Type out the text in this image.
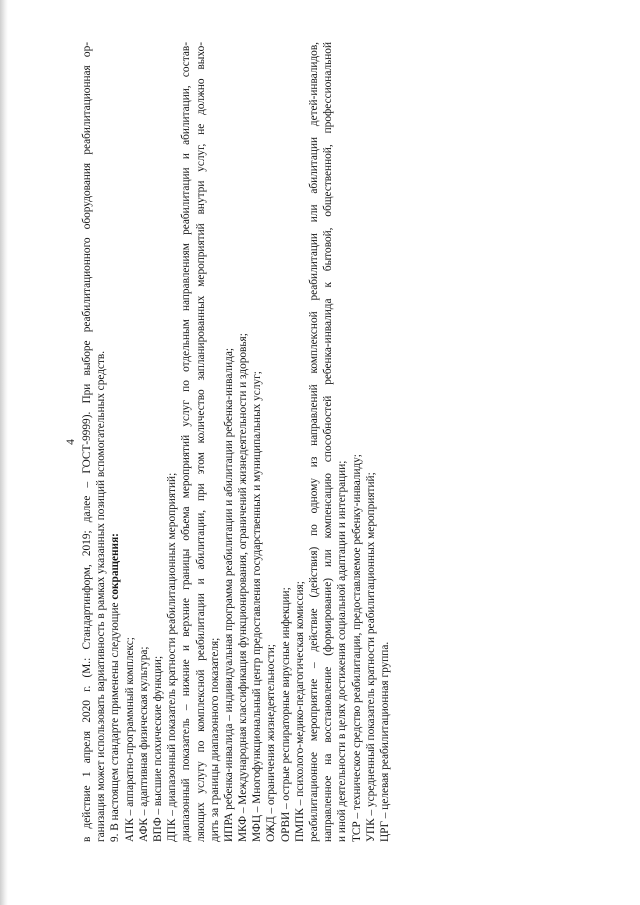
4 в действие 1 апреля 2020 г. (М.: Стандартинформ, 2019; далее – ГОСТ-9999). При выборе реабилитационного оборудования реабилитационная ор- ганизация может использовать вариативность в рамках указанных позиций вспомогательных средств. 9. В настоящем стандарте применены следующие сокращения:
АПК – аппаратно-программный комплекс; АФК – адаптивная физическая культура; ВПФ – высшие психические функции; ДПК – диапазонный показатель кратности реабилитационных мероприятий; диапазонный показатель – нижние и верхние границы объема мероприятий услуг по отдельным направлениям реабилитации и абилитации, состав- ляющих услугу по комплексной реабилитации и абилитации, при этом количество запланированных мероприятий внутри услуг, не должно выхо- дить за границы диапазонного показателя; ИПРА ребенка-инвалида – индивидуальная программа реабилитации и абилитации ребенка-инвалида; МКФ – Международная классификация функционирования, ограничений жизнедеятельности и здоровья; МФЦ – Многофункциональный центр предоставления государственных и муниципальных услуг; ОЖД – ограничения жизнедеятельности; ОРВИ – острые респираторные вирусные инфекции; ПМПК – психолого-медико-педагогическая комиссия; реабилитационное мероприятие – действие (действия) по одному из направлений комплексной реабилитации или абилитации детей-инвалидов, направленное на восстановление (формирование) или компенсацию способностей ребенка-инвалида к бытовой, общественной, профессиональной и иной деятельности в целях достижения социальной адаптации и интеграции; ТСР – техническое средство реабилитации, предоставляемое ребенку-инвалиду; УПК – усредненный показатель кратности реабилитационных мероприятий; ЦРГ – целевая реабилитационная группа.
